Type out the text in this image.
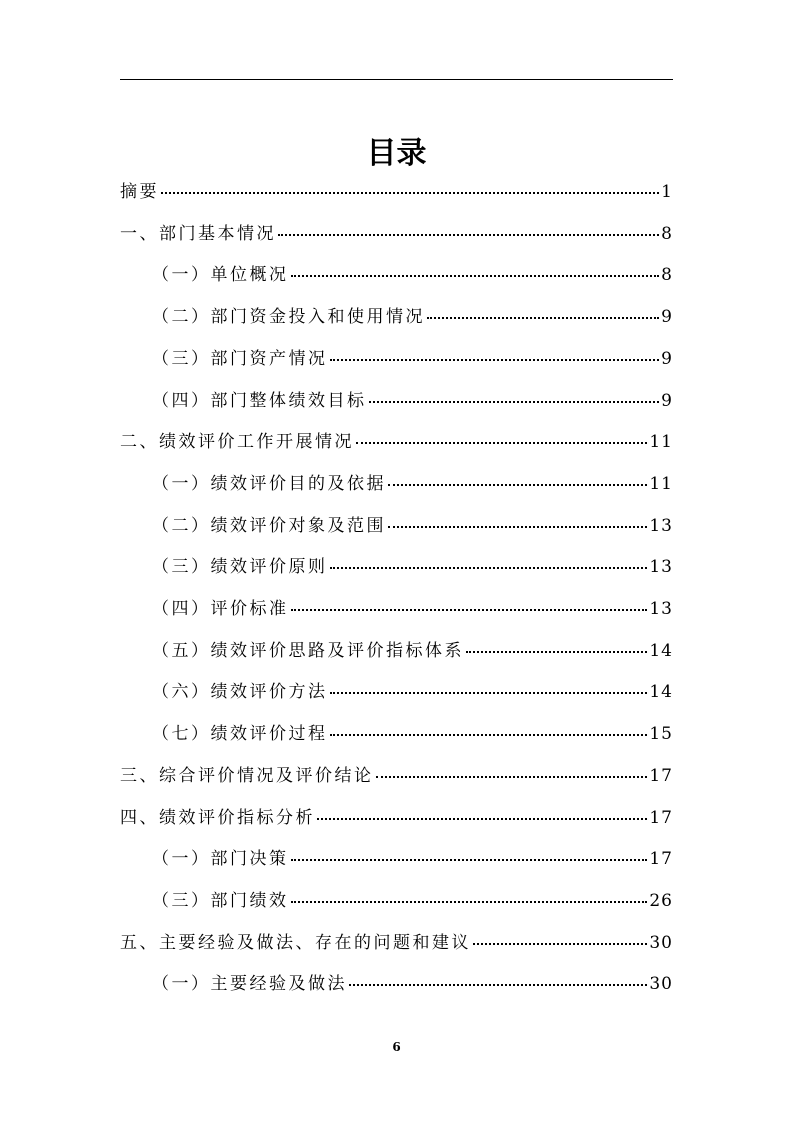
目录
摘要	1
一、部门基本情况	8
（一）单位概况	8
（二）部门资金投入和使用情况	9
（三）部门资产情况	9
（四）部门整体绩效目标	9
二、绩效评价工作开展情况	11
（一）绩效评价目的及依据	11
（二）绩效评价对象及范围	13
（三）绩效评价原则	13
（四）评价标准	13
（五）绩效评价思路及评价指标体系	14
（六）绩效评价方法	14
（七）绩效评价过程	15
三、综合评价情况及评价结论	17
四、绩效评价指标分析	17
（一）部门决策	17
（三）部门绩效	26
五、主要经验及做法、存在的问题和建议	30
（一）主要经验及做法	30
6
